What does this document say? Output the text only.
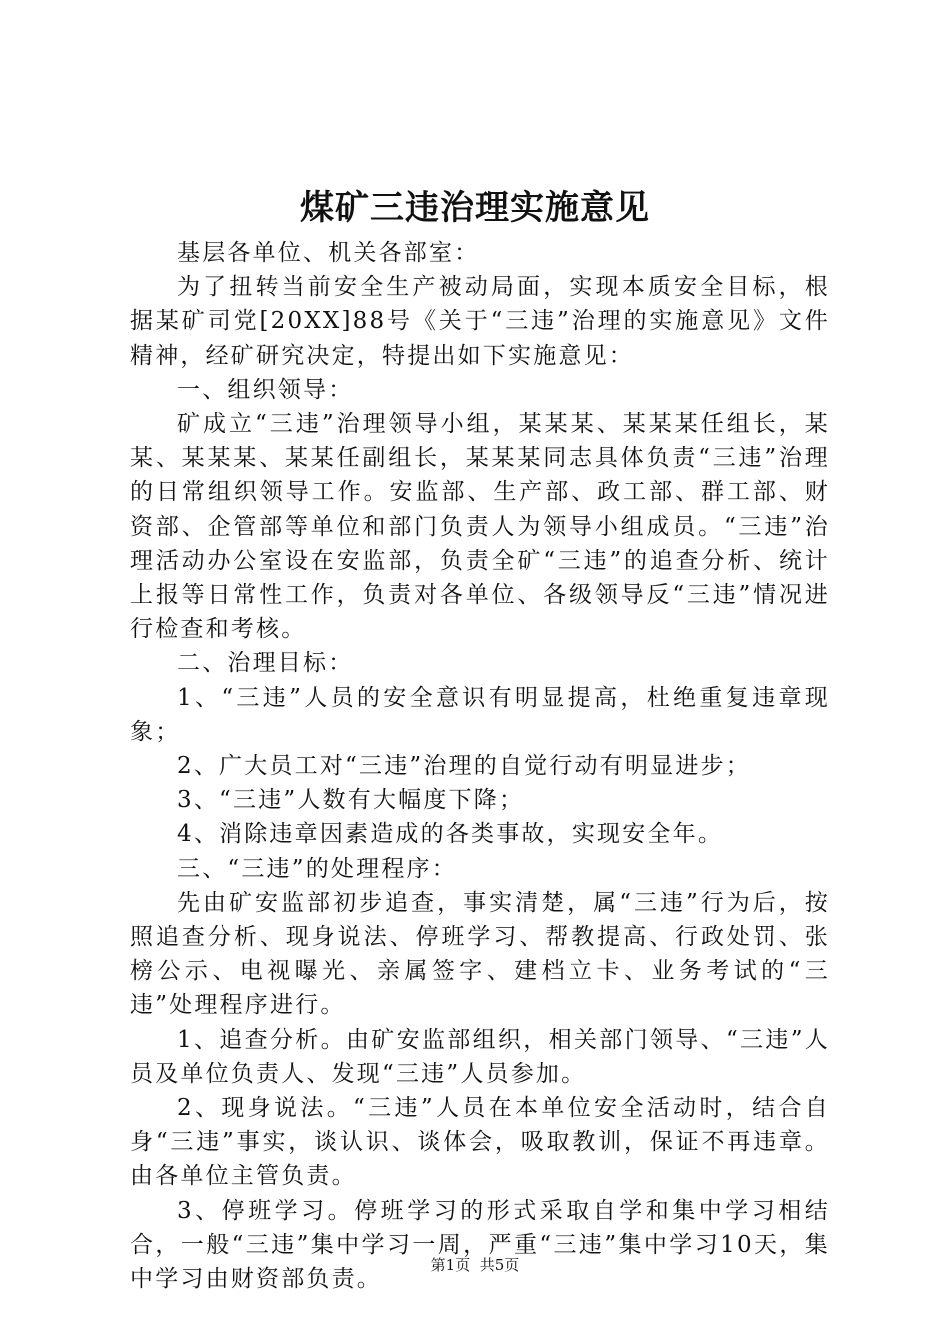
煤矿三违治理实施意见

基层各单位、机关各部室：

为了扭转当前安全生产被动局面，实现本质安全目标，根据某矿司党[20XX]88号《关于“三违”治理的实施意见》文件精神，经矿研究决定，特提出如下实施意见：

一、组织领导：

矿成立“三违”治理领导小组，某某某、某某某任组长，某某、某某某、某某任副组长，某某某同志具体负责“三违”治理的日常组织领导工作。安监部、生产部、政工部、群工部、财资部、企管部等单位和部门负责人为领导小组成员。“三违”治理活动办公室设在安监部，负责全矿“三违”的追查分析、统计上报等日常性工作，负责对各单位、各级领导反“三违”情况进行检查和考核。

二、治理目标：

1、“三违”人员的安全意识有明显提高，杜绝重复违章现象；

2、广大员工对“三违”治理的自觉行动有明显进步；

3、“三违”人数有大幅度下降；

4、消除违章因素造成的各类事故，实现安全年。

三、“三违”的处理程序：

先由矿安监部初步追查，事实清楚，属“三违”行为后，按照追查分析、现身说法、停班学习、帮教提高、行政处罚、张榜公示、电视曝光、亲属签字、建档立卡、业务考试的“三违”处理程序进行。

1、追查分析。由矿安监部组织，相关部门领导、“三违”人员及单位负责人、发现“三违”人员参加。

2、现身说法。“三违”人员在本单位安全活动时，结合自身“三违”事实，谈认识、谈体会，吸取教训，保证不再违章。由各单位主管负责。

3、停班学习。停班学习的形式采取自学和集中学习相结合，一般“三违”集中学习一周，严重“三违”集中学习10天，集中学习由财资部负责。

第1页 共5页
